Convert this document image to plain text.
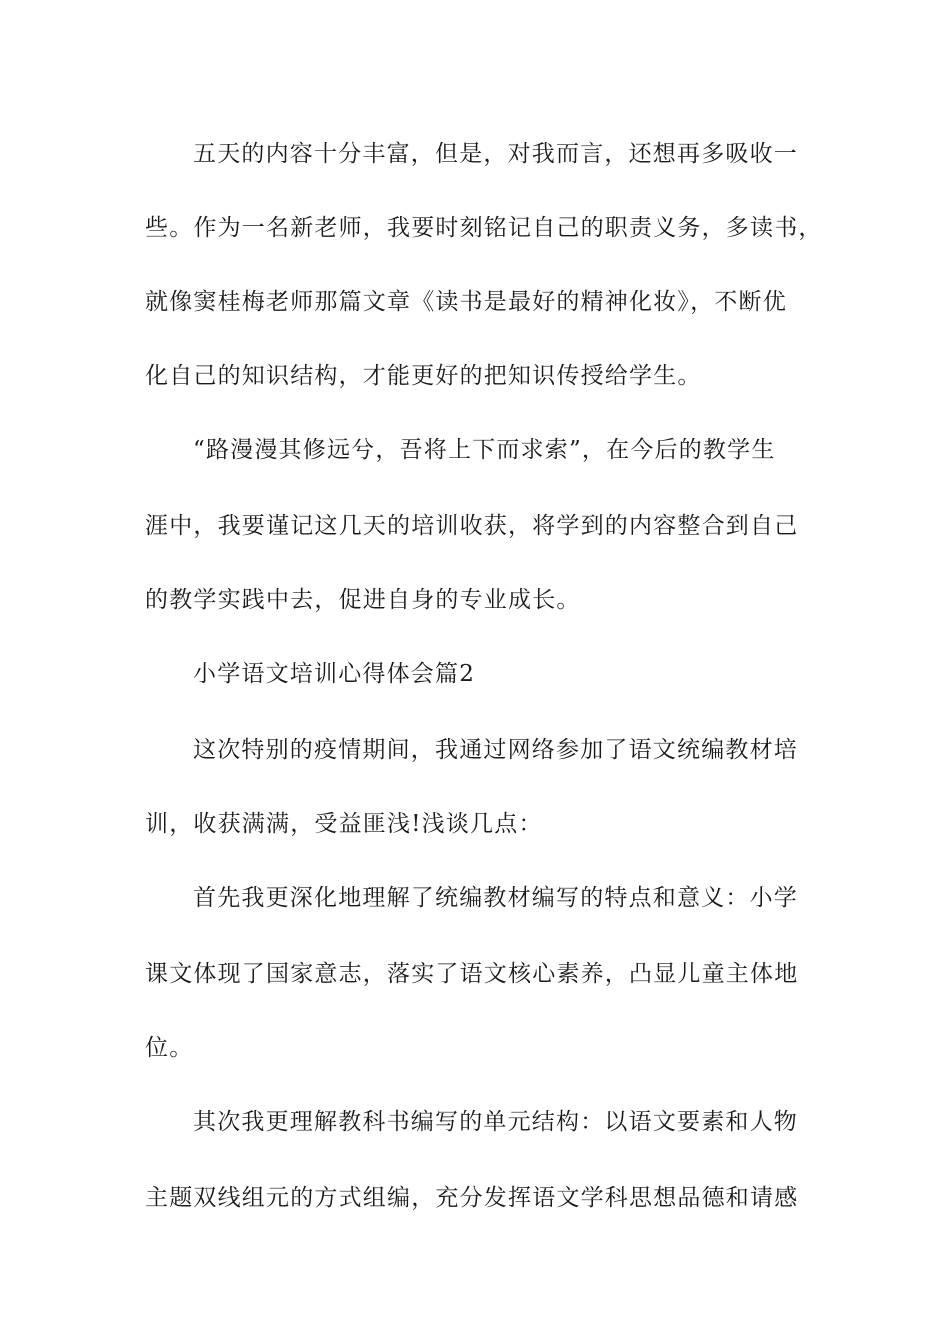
五天的内容十分丰富，但是，对我而言，还想再多吸收一
些。作为一名新老师，我要时刻铭记自己的职责义务，多读书，
就像窦桂梅老师那篇文章《读书是最好的精神化妆》，不断优
化自己的知识结构，才能更好的把知识传授给学生。
“路漫漫其修远兮，吾将上下而求索”，在今后的教学生
涯中，我要谨记这几天的培训收获，将学到的内容整合到自己
的教学实践中去，促进自身的专业成长。
小学语文培训心得体会篇2
这次特别的疫情期间，我通过网络参加了语文统编教材培
训，收获满满，受益匪浅!浅谈几点：
首先我更深化地理解了统编教材编写的特点和意义：小学
课文体现了国家意志，落实了语文核心素养，凸显儿童主体地
位。
其次我更理解教科书编写的单元结构：以语文要素和人物
主题双线组元的方式组编，充分发挥语文学科思想品德和请感
